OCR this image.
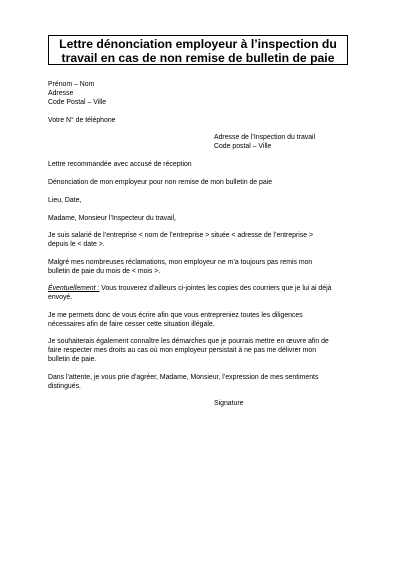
Lettre dénonciation employeur à l’inspection du
travail en cas de non remise de bulletin de paie
Prénom – Nom
Adresse
Code Postal – Ville
Votre N° de téléphone
Adresse de l’Inspection du travail
Code postal – Ville
Lettre recommandée avec accusé de réception
Dénonciation de mon employeur pour non remise de mon bulletin de paie
Lieu, Date,
Madame, Monsieur l’Inspecteur du travail,
Je suis salarié de l’entreprise < nom de l’entreprise > située < adresse de l’entreprise >
depuis le < date >.
Malgré mes nombreuses réclamations, mon employeur ne m’a toujours pas remis mon
bulletin de paie du mois de < mois >.
Éventuellement : Vous trouverez d’ailleurs ci-jointes les copies des courriers que je lui ai déjà
envoyé.
Je me permets donc de vous écrire afin que vous entrepreniez toutes les diligences
nécessaires afin de faire cesser cette situation illégale.
Je souhaiterais également connaître les démarches que je pourrais mettre en œuvre afin de
faire respecter mes droits au cas où mon employeur persistait à ne pas me délivrer mon
bulletin de paie.
Dans l’attente, je vous prie d’agréer, Madame, Monsieur, l’expression de mes sentiments
distingués.
Signature
